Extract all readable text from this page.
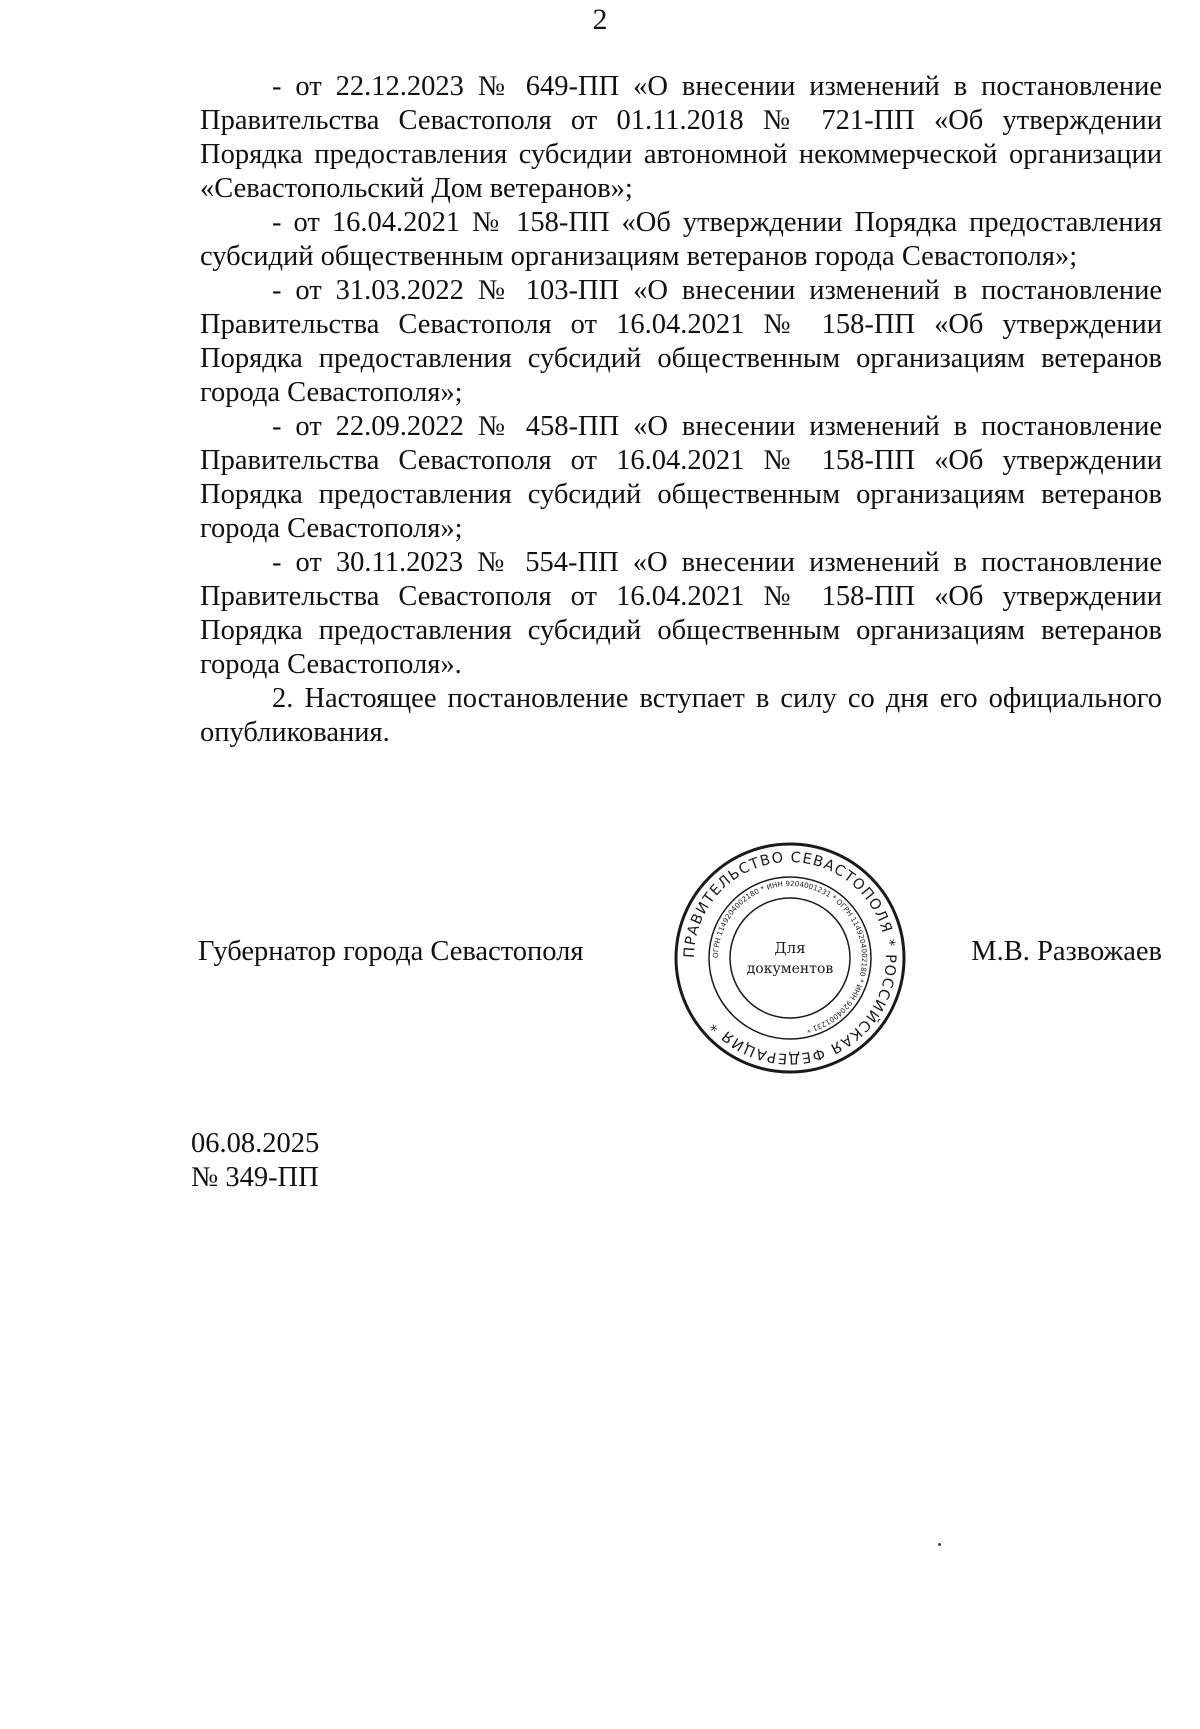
2

- от 22.12.2023 № 649-ПП «О внесении изменений в постановление Правительства Севастополя от 01.11.2018 № 721-ПП «Об утверждении Порядка предоставления субсидии автономной некоммерческой организации «Севастопольский Дом ветеранов»;

- от 16.04.2021 № 158-ПП «Об утверждении Порядка предоставления субсидий общественным организациям ветеранов города Севастополя»;

- от 31.03.2022 № 103-ПП «О внесении изменений в постановление Правительства Севастополя от 16.04.2021 № 158-ПП «Об утверждении Порядка предоставления субсидий общественным организациям ветеранов города Севастополя»;

- от 22.09.2022 № 458-ПП «О внесении изменений в постановление Правительства Севастополя от 16.04.2021 № 158-ПП «Об утверждении Порядка предоставления субсидий общественным организациям ветеранов города Севастополя»;

- от 30.11.2023 № 554-ПП «О внесении изменений в постановление Правительства Севастополя от 16.04.2021 № 158-ПП «Об утверждении Порядка предоставления субсидий общественным организациям ветеранов города Севастополя».

2. Настоящее постановление вступает в силу со дня его официального опубликования.

Губернатор города Севастополя	М.В. Развожаев
ПРАВИТЕЛЬСТВО СЕВАСТОПОЛЯ * РОССИЙСКАЯ ФЕДЕРАЦИЯ *
ОГРН 1149204002180 * ИНН 9204001231 * ОГРН 1149204002180 * ИНН 9204001231 *
Для
документов
06.08.2025
№ 349-ПП
